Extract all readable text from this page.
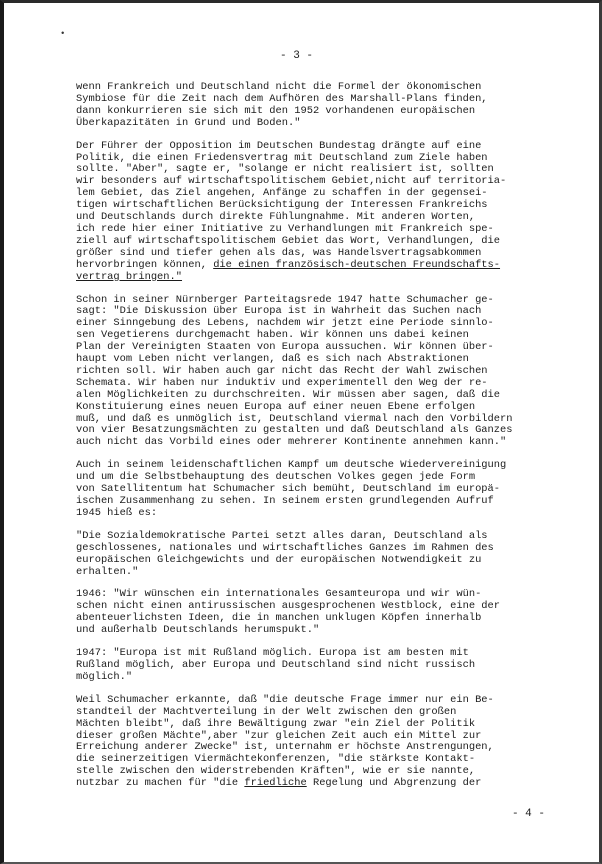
•
- 3 -

wenn Frankreich und Deutschland nicht die Formel der ökonomischen
Symbiose für die Zeit nach dem Aufhören des Marshall-Plans finden,
dann konkurrieren sie sich mit den 1952 vorhandenen europäischen
Überkapazitäten in Grund und Boden."

Der Führer der Opposition im Deutschen Bundestag drängte auf eine
Politik, die einen Friedensvertrag mit Deutschland zum Ziele haben
sollte. "Aber", sagte er, "solange er nicht realisiert ist, sollten
wir besonders auf wirtschaftspolitischem Gebiet,nicht auf territoria-
lem Gebiet, das Ziel angehen, Anfänge zu schaffen in der gegensei-
tigen wirtschaftlichen Berücksichtigung der Interessen Frankreichs
und Deutschlands durch direkte Fühlungnahme. Mit anderen Worten,
ich rede hier einer Initiative zu Verhandlungen mit Frankreich spe-
ziell auf wirtschaftspolitischem Gebiet das Wort, Verhandlungen, die
größer sind und tiefer gehen als das, was Handelsvertragsabkommen
hervorbringen können, die einen französisch-deutschen Freundschafts-
vertrag bringen."

Schon in seiner Nürnberger Parteitagsrede 1947 hatte Schumacher ge-
sagt: "Die Diskussion über Europa ist in Wahrheit das Suchen nach
einer Sinngebung des Lebens, nachdem wir jetzt eine Periode sinnlo-
sen Vegetierens durchgemacht haben. Wir können uns dabei keinen
Plan der Vereinigten Staaten von Europa aussuchen. Wir können über-
haupt vom Leben nicht verlangen, daß es sich nach Abstraktionen
richten soll. Wir haben auch gar nicht das Recht der Wahl zwischen
Schemata. Wir haben nur induktiv und experimentell den Weg der re-
alen Möglichkeiten zu durchschreiten. Wir müssen aber sagen, daß die
Konstituierung eines neuen Europa auf einer neuen Ebene erfolgen
muß, und daß es unmöglich ist, Deutschland viermal nach den Vorbildern
von vier Besatzungsmächten zu gestalten und daß Deutschland als Ganzes
auch nicht das Vorbild eines oder mehrerer Kontinente annehmen kann."

Auch in seinem leidenschaftlichen Kampf um deutsche Wiedervereinigung
und um die Selbstbehauptung des deutschen Volkes gegen jede Form
von Satellitentum hat Schumacher sich bemüht, Deutschland im europä-
ischen Zusammenhang zu sehen. In seinem ersten grundlegenden Aufruf
1945 hieß es:

"Die Sozialdemokratische Partei setzt alles daran, Deutschland als
geschlossenes, nationales und wirtschaftliches Ganzes im Rahmen des
europäischen Gleichgewichts und der europäischen Notwendigkeit zu
erhalten."

1946: "Wir wünschen ein internationales Gesamteuropa und wir wün-
schen nicht einen antirussischen ausgesprochenen Westblock, eine der
abenteuerlichsten Ideen, die in manchen unklugen Köpfen innerhalb
und außerhalb Deutschlands herumspukt."

1947: "Europa ist mit Rußland möglich. Europa ist am besten mit
Rußland möglich, aber Europa und Deutschland sind nicht russisch
möglich."

Weil Schumacher erkannte, daß "die deutsche Frage immer nur ein Be-
standteil der Machtverteilung in der Welt zwischen den großen
Mächten bleibt", daß ihre Bewältigung zwar "ein Ziel der Politik
dieser großen Mächte",aber "zur gleichen Zeit auch ein Mittel zur
Erreichung anderer Zwecke" ist, unternahm er höchste Anstrengungen,
die seinerzeitigen Viermächtekonferenzen, "die stärkste Kontakt-
stelle zwischen den widerstrebenden Kräften", wie er sie nannte,
nutzbar zu machen für "die friedliche Regelung und Abgrenzung der

- 4 -
